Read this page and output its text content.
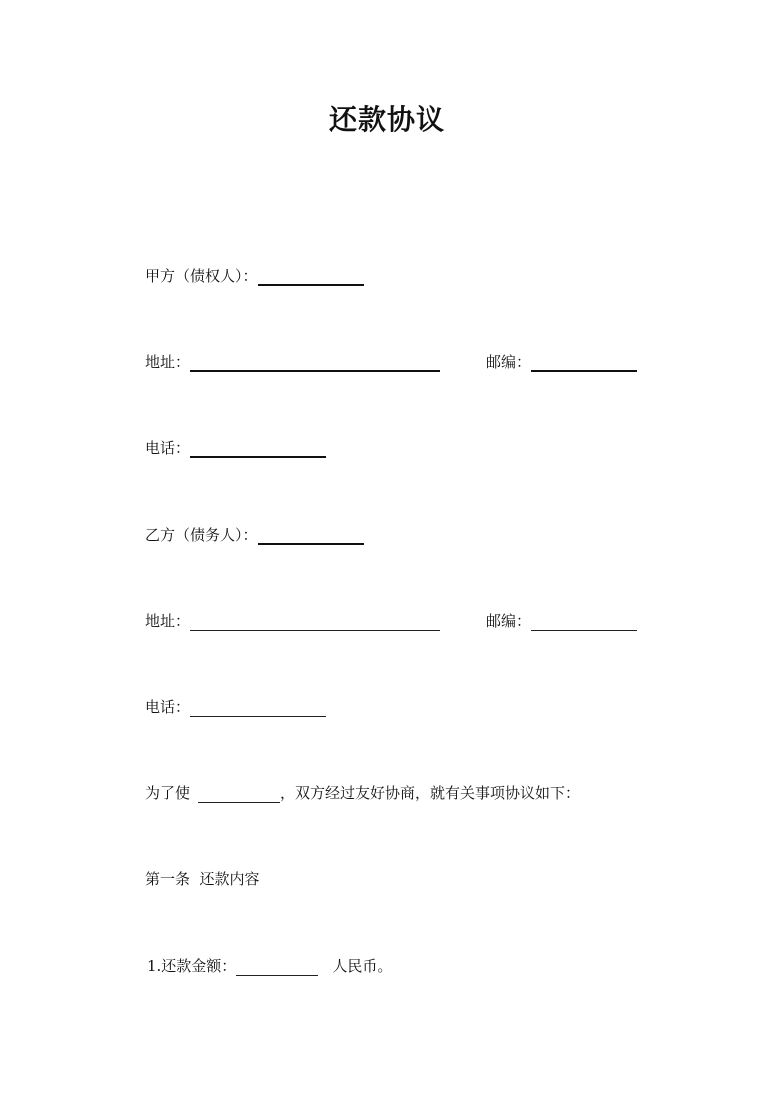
还款协议
甲方（债权人）：
地址：	邮编：
电话：
乙方（债务人）：
地址：	邮编：
电话：
为了使	，双方经过友好协商，就有关事项协议如下：
第一条  还款内容
1.还款金额：	人民币。
